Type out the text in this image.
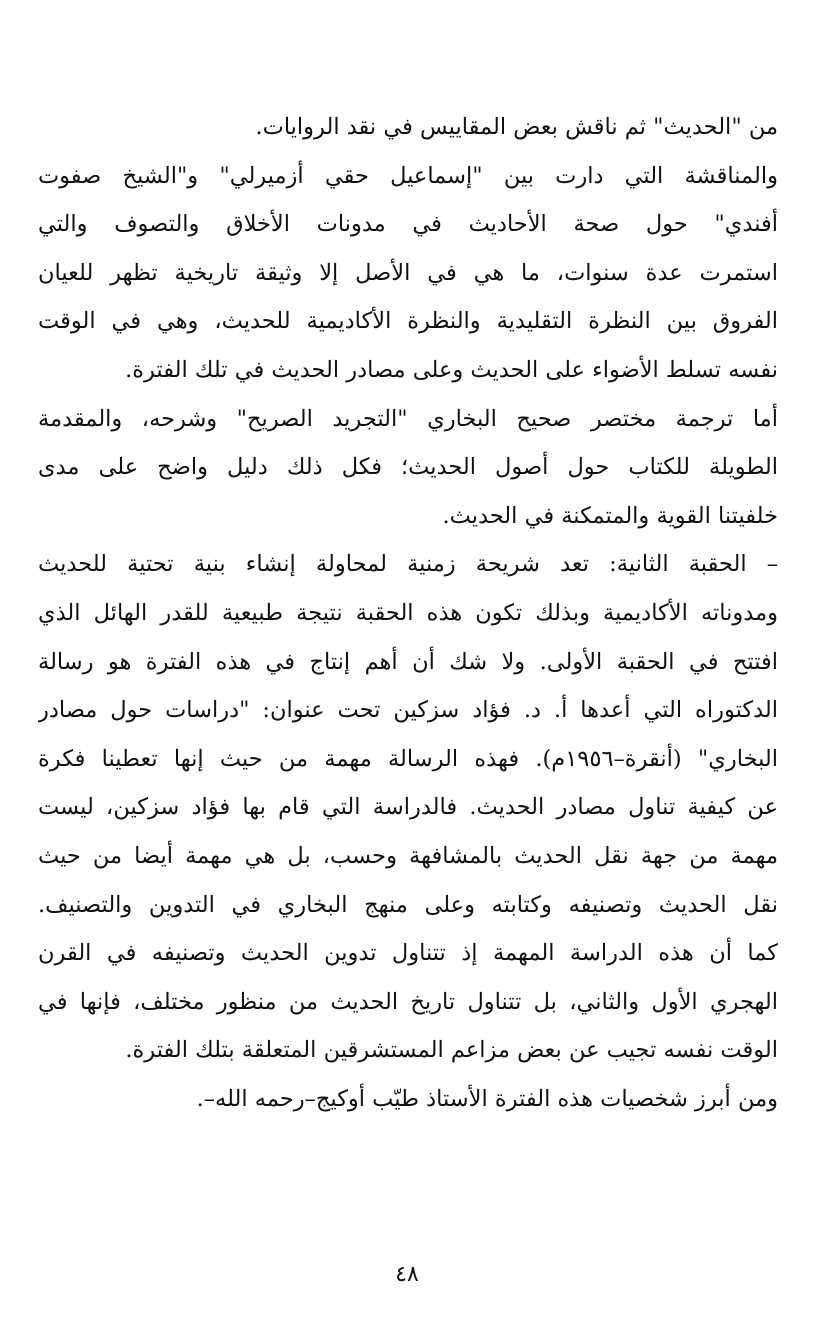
من "الحديث" ثم ناقش بعض المقاييس في نقد الروايات.
والمناقشة التي دارت بين "إسماعيل حقي أزميرلي" و"الشيخ صفوت
أفندي" حول صحة الأحاديث في مدونات الأخلاق والتصوف والتي
استمرت عدة سنوات، ما هي في الأصل إلا وثيقة تاريخية تظهر للعيان
الفروق بين النظرة التقليدية والنظرة الأكاديمية للحديث، وهي في الوقت
نفسه تسلط الأضواء على الحديث وعلى مصادر الحديث في تلك الفترة.
أما ترجمة مختصر صحيح البخاري "التجريد الصريح" وشرحه، والمقدمة
الطويلة للكتاب حول أصول الحديث؛ فكل ذلك دليل واضح على مدى
خلفيتنا القوية والمتمكنة في الحديث.
– الحقبة الثانية: تعد شريحة زمنية لمحاولة إنشاء بنية تحتية للحديث
ومدوناته الأكاديمية وبذلك تكون هذه الحقبة نتيجة طبيعية للقدر الهائل الذي
افتتح في الحقبة الأولى. ولا شك أن أهم إنتاج في هذه الفترة هو رسالة
الدكتوراه التي أعدها أ. د. فؤاد سزكين تحت عنوان: "دراسات حول مصادر
البخاري" (أنقرة–١٩٥٦م). فهذه الرسالة مهمة من حيث إنها تعطينا فكرة
عن كيفية تناول مصادر الحديث. فالدراسة التي قام بها فؤاد سزكين، ليست
مهمة من جهة نقل الحديث بالمشافهة وحسب، بل هي مهمة أيضا من حيث
نقل الحديث وتصنيفه وكتابته وعلى منهج البخاري في التدوين والتصنيف.
كما أن هذه الدراسة المهمة إذ تتناول تدوين الحديث وتصنيفه في القرن
الهجري الأول والثاني، بل تتناول تاريخ الحديث من منظور مختلف، فإنها في
الوقت نفسه تجيب عن بعض مزاعم المستشرقين المتعلقة بتلك الفترة.
ومن أبرز شخصيات هذه الفترة الأستاذ طيّب أوكيج–رحمه الله–.
٤٨
